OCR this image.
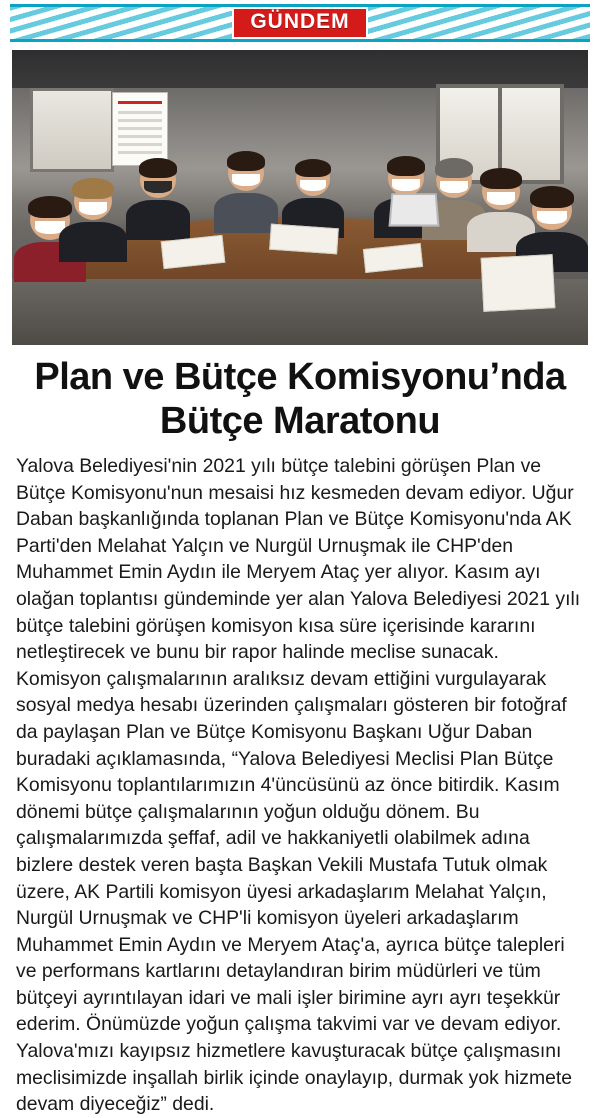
GÜNDEM
Plan ve Bütçe Komisyonu’nda
Bütçe Maratonu

Yalova Belediyesi'nin 2021 yılı bütçe talebini görüşen Plan ve Bütçe Komisyonu'nun mesaisi hız kesmeden devam ediyor. Uğur Daban başkanlığında toplanan Plan ve Bütçe Komisyonu'nda AK Parti'den Melahat Yalçın ve Nurgül Urnuşmak ile CHP'den Muhammet Emin Aydın ile Meryem Ataç yer alıyor. Kasım ayı olağan toplantısı gündeminde yer alan Yalova Belediyesi 2021 yılı bütçe talebini görüşen komisyon kısa süre içerisinde kararını netleştirecek ve bunu bir rapor halinde meclise sunacak. Komisyon çalışmalarının aralıksız devam ettiğini vurgulayarak sosyal medya hesabı üzerinden çalışmaları gösteren bir fotoğraf da paylaşan Plan ve Bütçe Komisyonu Başkanı Uğur Daban buradaki açıklamasında, “Yalova Belediyesi Meclisi Plan Bütçe Komisyonu toplantılarımızın 4'üncüsünü az önce bitirdik. Kasım dönemi bütçe çalışmalarının yoğun olduğu dönem. Bu çalışmalarımızda şeffaf, adil ve hakkaniyetli olabilmek adına bizlere destek veren başta Başkan Vekili Mustafa Tutuk olmak üzere, AK Partili komisyon üyesi arkadaşlarım Melahat Yalçın, Nurgül Urnuşmak ve CHP'li komisyon üyeleri arkadaşlarım Muhammet Emin Aydın ve Meryem Ataç'a, ayrıca bütçe talepleri ve performans kartlarını detaylandıran birim müdürleri ve tüm bütçeyi ayrıntılayan idari ve mali işler birimine ayrı ayrı teşekkür ederim. Önümüzde yoğun çalışma takvimi var ve devam ediyor. Yalova'mızı kayıpsız hizmetlere kavuşturacak bütçe çalışmasını meclisimizde inşallah birlik içinde onaylayıp, durmak yok hizmete devam diyeceğiz” dedi.
